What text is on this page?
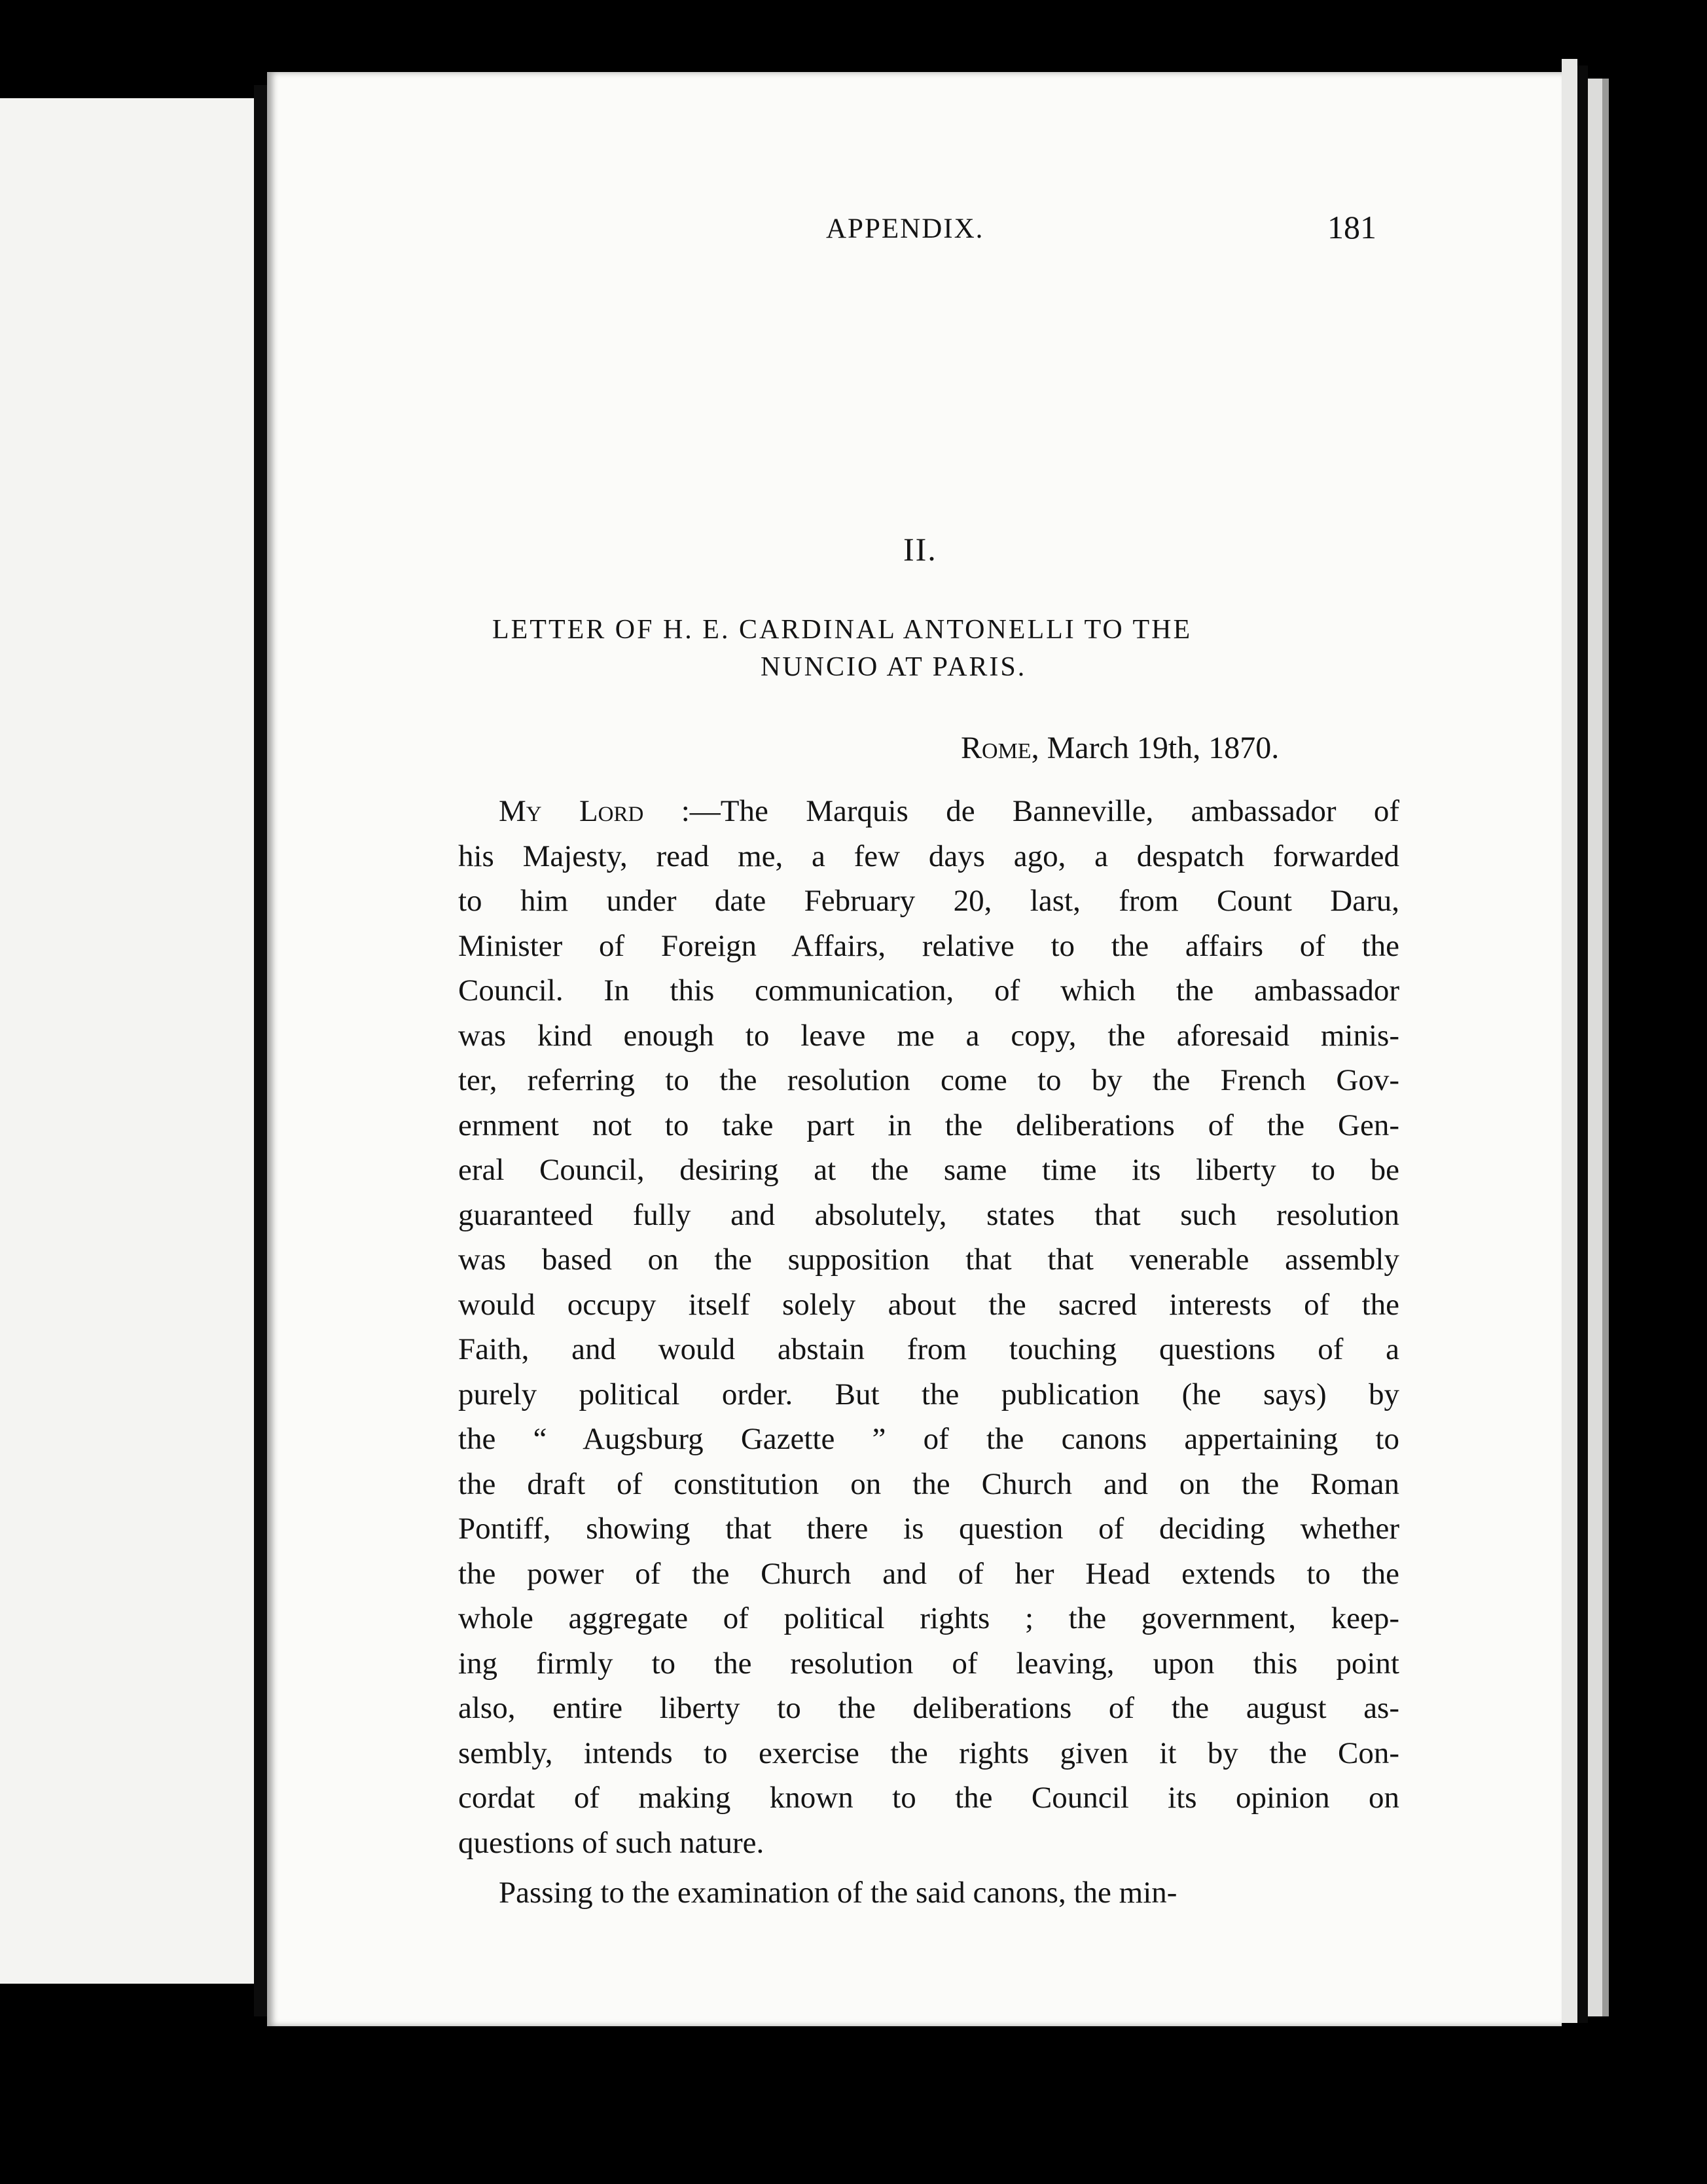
APPENDIX.	181
II.
LETTER OF H. E. CARDINAL ANTONELLI TO THE
NUNCIO AT PARIS.
Rome, March 19th, 1870.
My Lord :—The Marquis de Banneville, ambassador of
his Majesty, read me, a few days ago, a despatch forwarded
to him under date February 20, last, from Count Daru,
Minister of Foreign Affairs, relative to the affairs of the
Council. In this communication, of which the ambassador
was kind enough to leave me a copy, the aforesaid minis-
ter, referring to the resolution come to by the French Gov-
ernment not to take part in the deliberations of the Gen-
eral Council, desiring at the same time its liberty to be
guaranteed fully and absolutely, states that such resolution
was based on the supposition that that venerable assembly
would occupy itself solely about the sacred interests of the
Faith, and would abstain from touching questions of a
purely political order. But the publication (he says) by
the “ Augsburg Gazette ” of the canons appertaining to
the draft of constitution on the Church and on the Roman
Pontiff, showing that there is question of deciding whether
the power of the Church and of her Head extends to the
whole aggregate of political rights ; the government, keep-
ing firmly to the resolution of leaving, upon this point
also, entire liberty to the deliberations of the august as-
sembly, intends to exercise the rights given it by the Con-
cordat of making known to the Council its opinion on
questions of such nature.
Passing to the examination of the said canons, the min-
